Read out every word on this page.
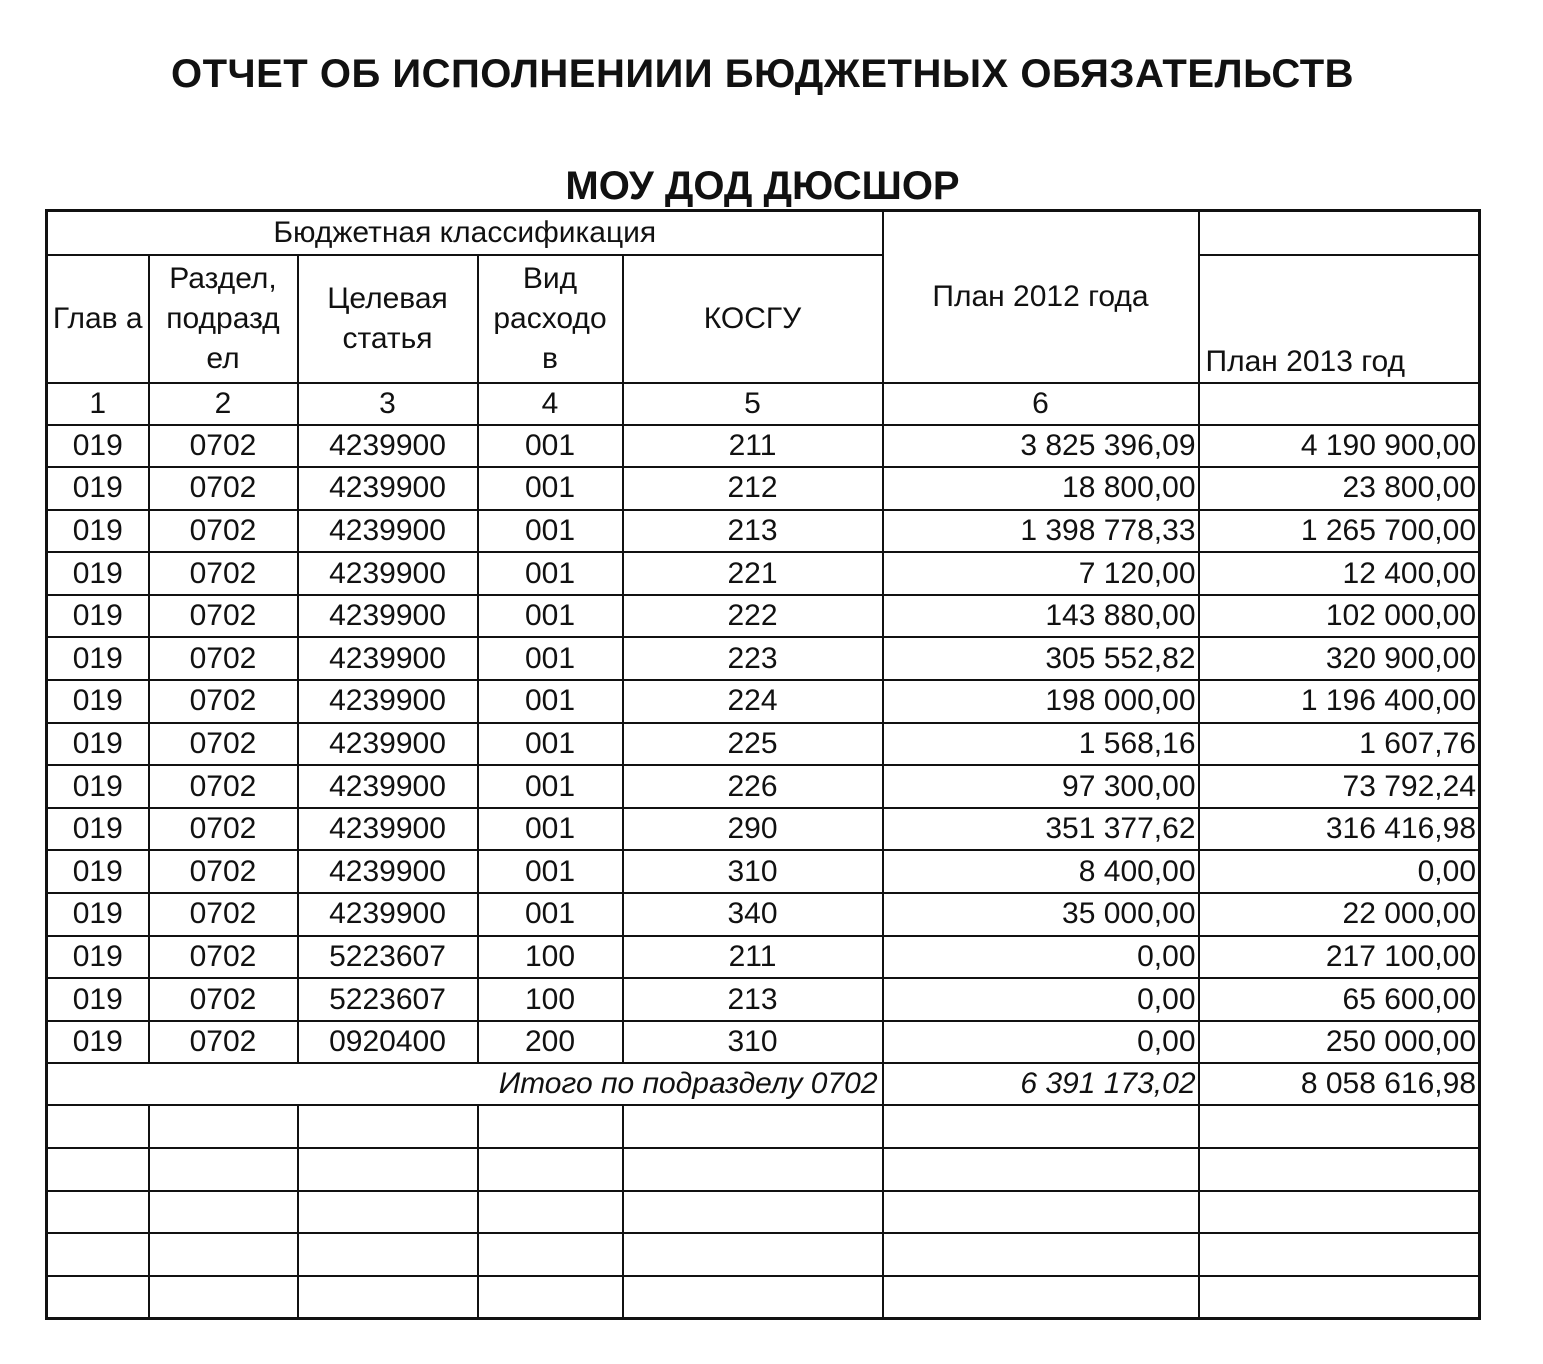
ОТЧЕТ ОБ ИСПОЛНЕНИИИ БЮДЖЕТНЫХ ОБЯЗАТЕЛЬСТВ
МОУ ДОД ДЮСШОР
Бюджетная классификация					План 2012 года	
Глав а	Раздел, подразд ел	Целевая статья	Вид расходо в	КОСГУ		План 2013 год
1	2	3	4	5	6	
019	0702	4239900	001	211	3 825 396,09	4 190 900,00
019	0702	4239900	001	212	18 800,00	23 800,00
019	0702	4239900	001	213	1 398 778,33	1 265 700,00
019	0702	4239900	001	221	7 120,00	12 400,00
019	0702	4239900	001	222	143 880,00	102 000,00
019	0702	4239900	001	223	305 552,82	320 900,00
019	0702	4239900	001	224	198 000,00	1 196 400,00
019	0702	4239900	001	225	1 568,16	1 607,76
019	0702	4239900	001	226	97 300,00	73 792,24
019	0702	4239900	001	290	351 377,62	316 416,98
019	0702	4239900	001	310	8 400,00	0,00
019	0702	4239900	001	340	35 000,00	22 000,00
019	0702	5223607	100	211	0,00	217 100,00
019	0702	5223607	100	213	0,00	65 600,00
019	0702	0920400	200	310	0,00	250 000,00
Итого по подразделу 0702					6 391 173,02	8 058 616,98
